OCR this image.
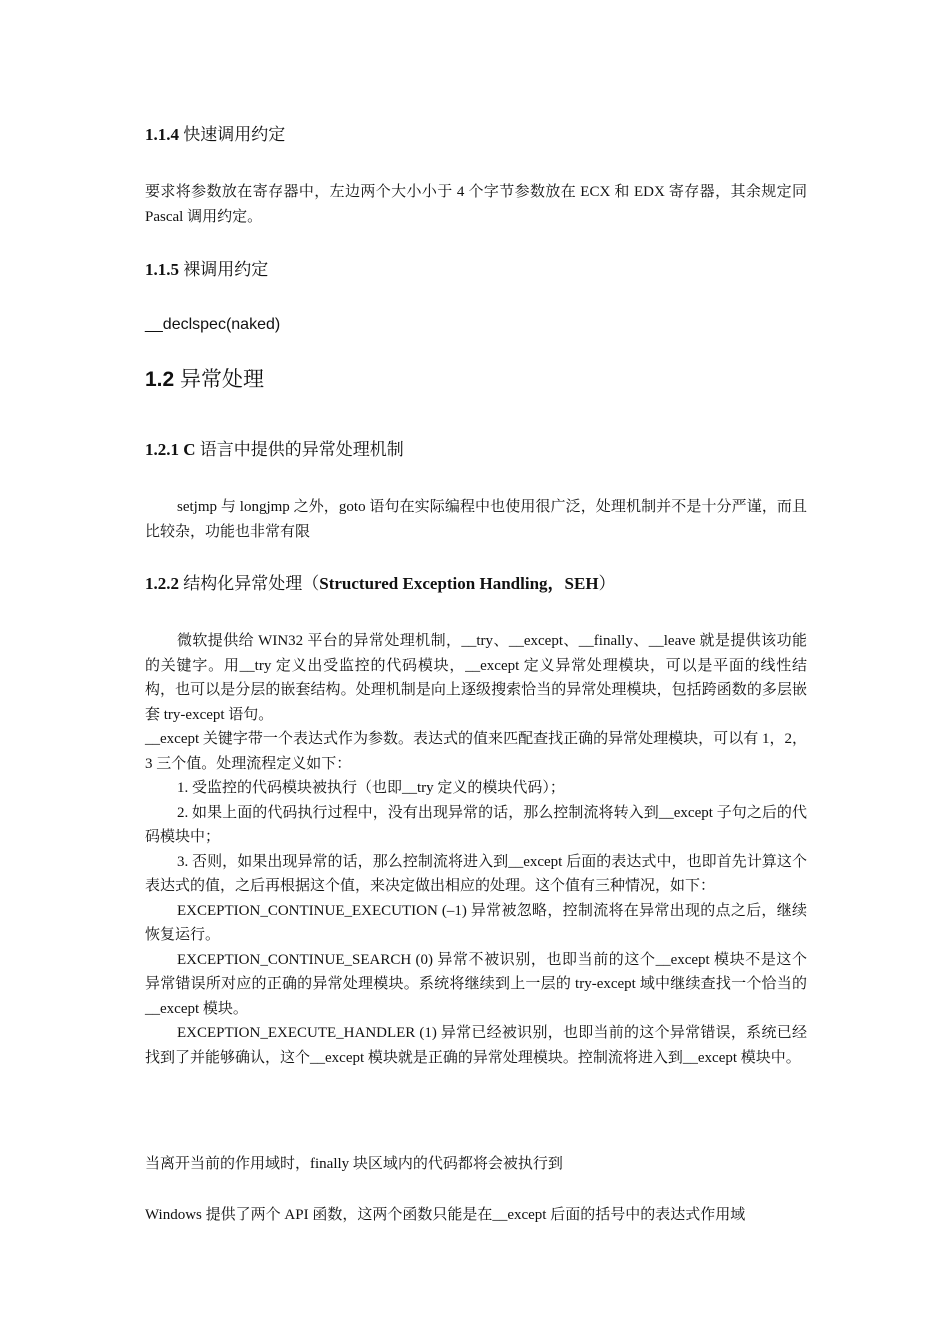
1.1.4 快速调用约定
要求将参数放在寄存器中，左边两个大小小于 4 个字节参数放在 ECX 和 EDX 寄存器，其余规定同 Pascal 调用约定。
1.1.5 裸调用约定
__declspec(naked)
1.2 异常处理
1.2.1 C 语言中提供的异常处理机制
setjmp 与 longjmp 之外，goto 语句在实际编程中也使用很广泛，处理机制并不是十分严谨，而且比较杂，功能也非常有限
1.2.2 结构化异常处理（Structured Exception Handling，SEH）
微软提供给 WIN32 平台的异常处理机制，__try、__except、__finally、__leave 就是提供该功能的关键字。用__try 定义出受监控的代码模块，__except 定义异常处理模块，可以是平面的线性结构，也可以是分层的嵌套结构。处理机制是向上逐级搜索恰当的异常处理模块，包括跨函数的多层嵌套 try-except 语句。
__except 关键字带一个表达式作为参数。表达式的值来匹配查找正确的异常处理模块，可以有 1，2，3 三个值。处理流程定义如下：
1. 受监控的代码模块被执行（也即__try 定义的模块代码）；
2. 如果上面的代码执行过程中，没有出现异常的话，那么控制流将转入到__except 子句之后的代码模块中；
3. 否则，如果出现异常的话，那么控制流将进入到__except 后面的表达式中，也即首先计算这个表达式的值，之后再根据这个值，来决定做出相应的处理。这个值有三种情况，如下：
EXCEPTION_CONTINUE_EXECUTION (–1) 异常被忽略，控制流将在异常出现的点之后，继续恢复运行。
EXCEPTION_CONTINUE_SEARCH (0) 异常不被识别，也即当前的这个__except 模块不是这个异常错误所对应的正确的异常处理模块。系统将继续到上一层的 try-except 域中继续查找一个恰当的__except 模块。
EXCEPTION_EXECUTE_HANDLER (1) 异常已经被识别，也即当前的这个异常错误，系统已经找到了并能够确认，这个__except 模块就是正确的异常处理模块。控制流将进入到__except 模块中。
当离开当前的作用域时，finally 块区域内的代码都将会被执行到
Windows 提供了两个 API 函数，这两个函数只能是在__except 后面的括号中的表达式作用域
